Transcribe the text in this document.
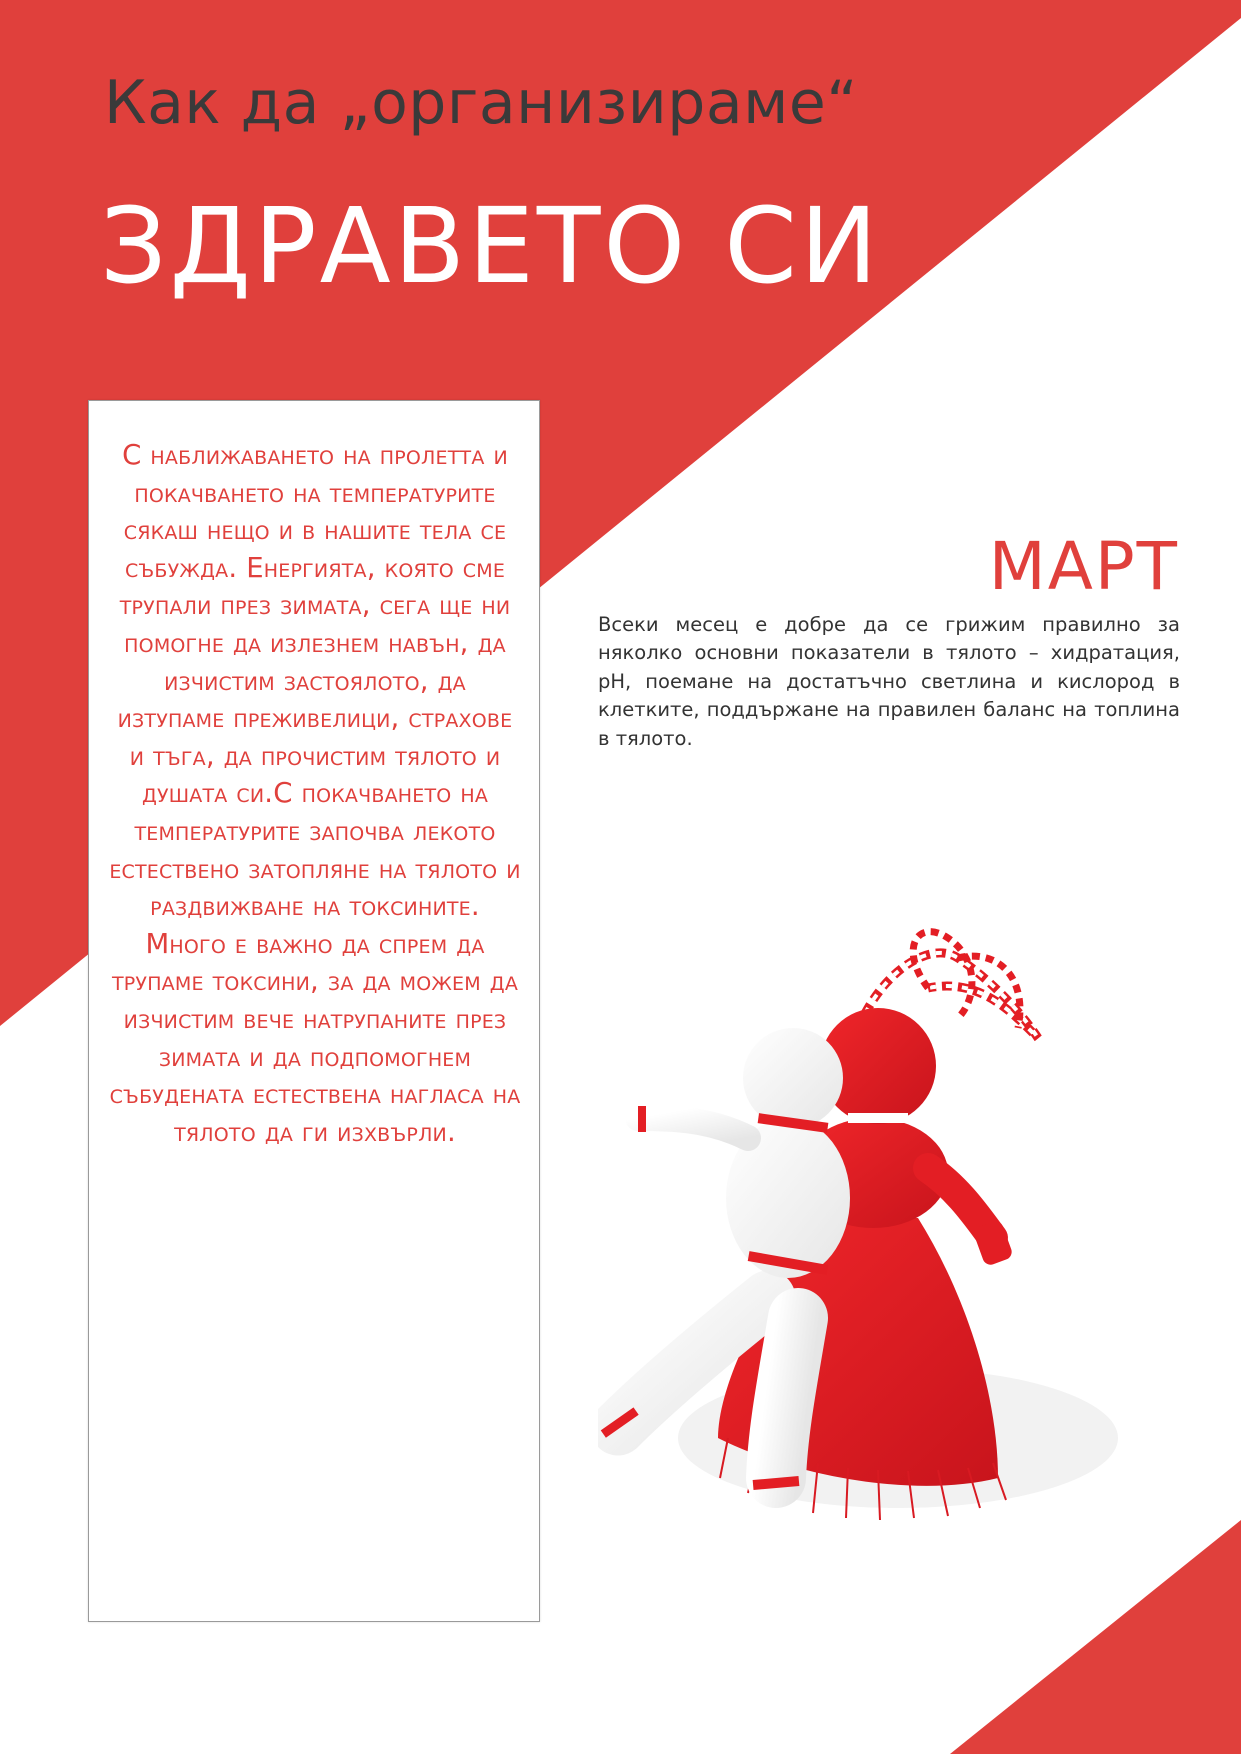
Как да „организираме“
ЗДРАВЕТО СИ
С наближаването на пролетта и покачването на температурите сякаш нещо и в нашите тела се събужда. Енергията, която сме трупали през зимата, сега ще ни помогне да излезнем навън, да изчистим застоялото, да изтупаме преживелици, страхове и тъга, да прочистим тялото и душата си.С покачването на температурите започва лекото естествено затопляне на тялото и раздвижване на токсините. Много е важно да спрем да трупаме токсини, за да можем да изчистим вече натрупаните през зимата и да подпомогнем събудената естествена нагласа на тялото да ги изхвърли.
МАРТ
Всеки месец е добре да се грижим правилно за няколко основни показатели в тялото – хидратация, pH, поемане на достатъчно светлина и кислород в клетките, поддържане на правилен баланс на топлина в тялото.
